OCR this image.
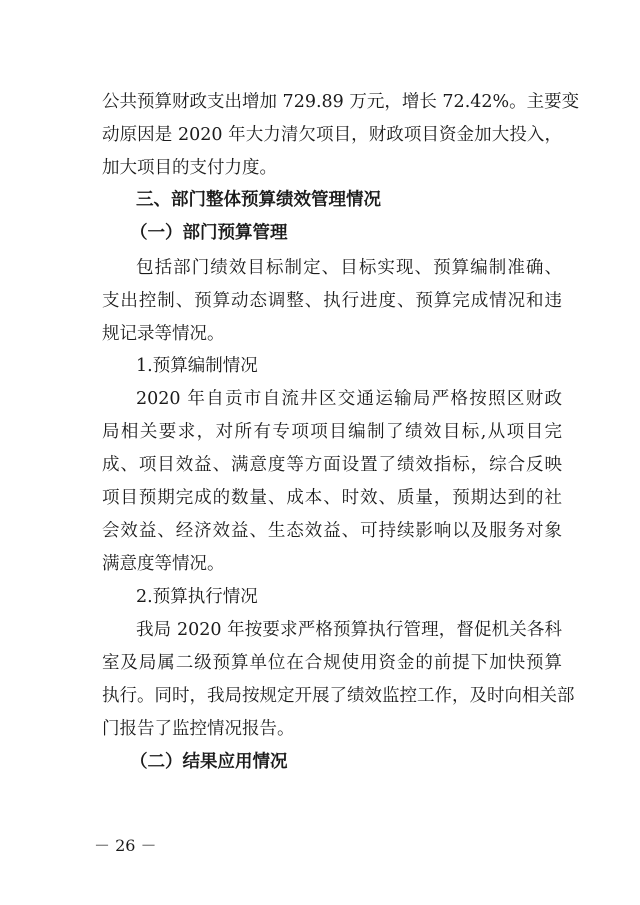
公共预算财政支出增加 729.89 万元，增长 72.42%。主要变
动原因是 2020 年大力清欠项目，财政项目资金加大投入，
加大项目的支付力度。
三、部门整体预算绩效管理情况
（一）部门预算管理
包括部门绩效目标制定、目标实现、预算编制准确、
支出控制、预算动态调整、执行进度、预算完成情况和违
规记录等情况。
1.预算编制情况
2020 年自贡市自流井区交通运输局严格按照区财政
局相关要求，对所有专项项目编制了绩效目标,从项目完
成、项目效益、满意度等方面设置了绩效指标，综合反映
项目预期完成的数量、成本、时效、质量，预期达到的社
会效益、经济效益、生态效益、可持续影响以及服务对象
满意度等情况。
2.预算执行情况
我局 2020 年按要求严格预算执行管理，督促机关各科
室及局属二级预算单位在合规使用资金的前提下加快预算
执行。同时，我局按规定开展了绩效监控工作，及时向相关部
门报告了监控情况报告。
（二）结果应用情况
－ 26 －
